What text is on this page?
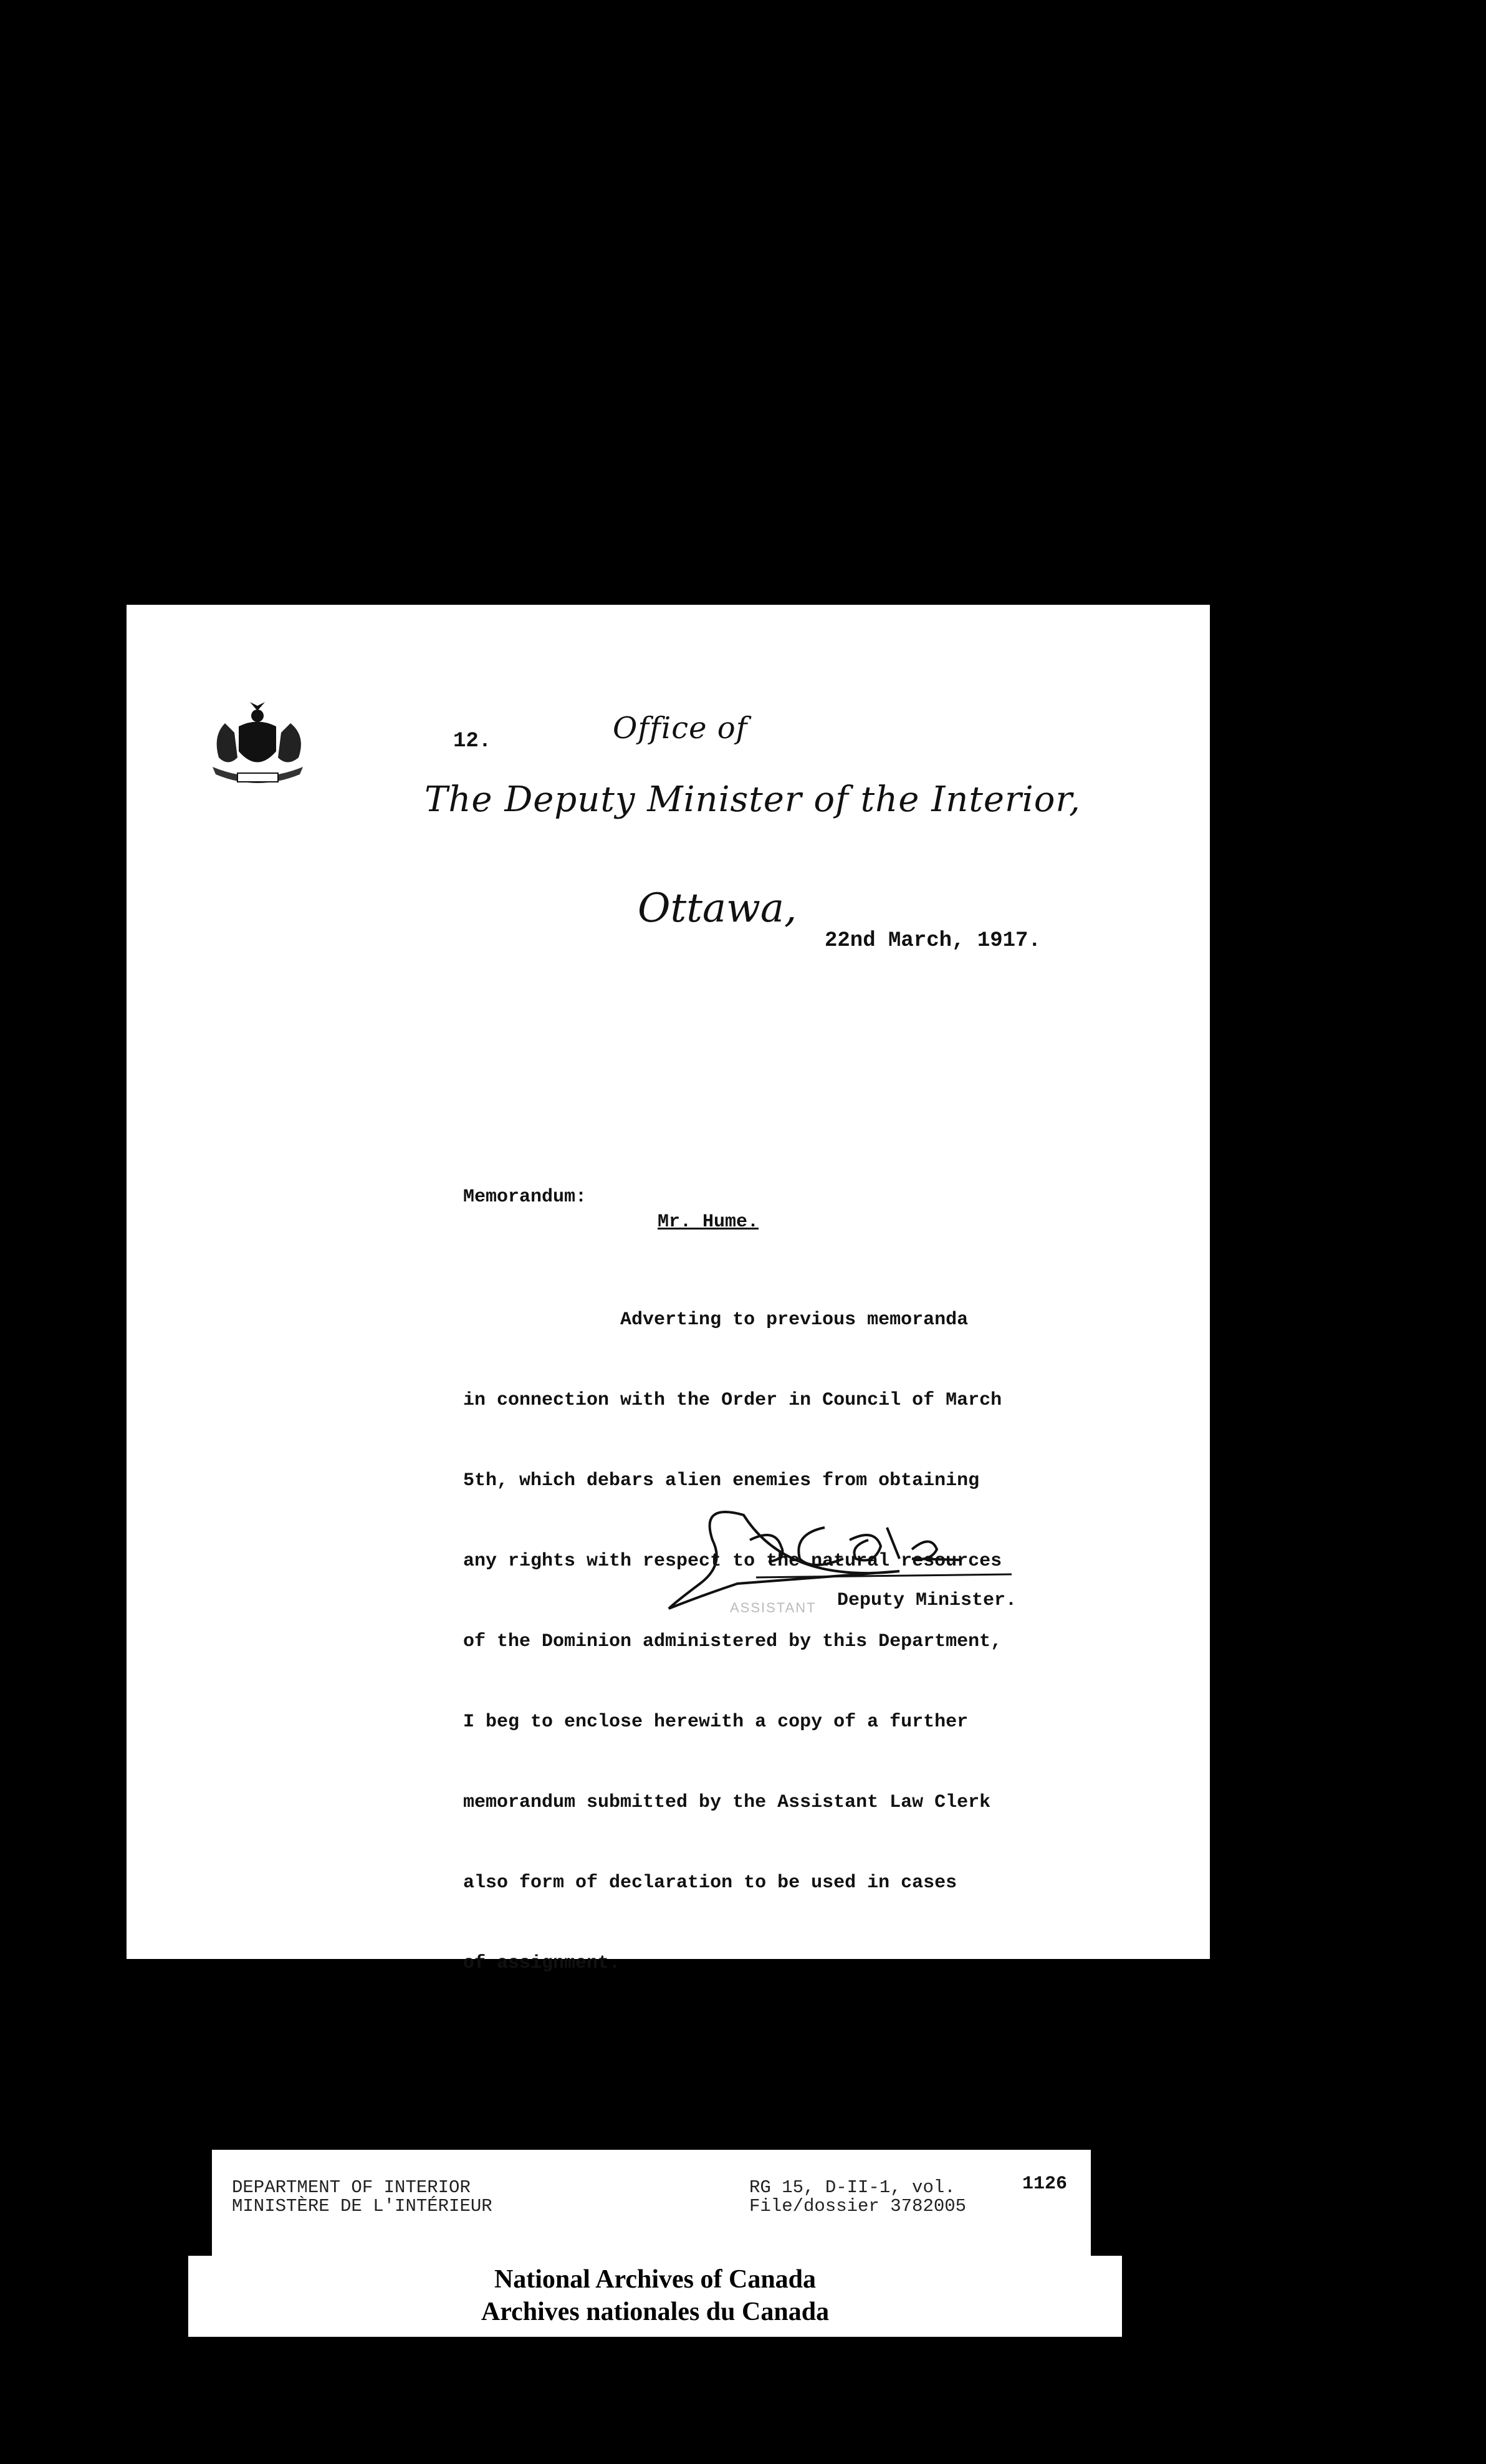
12.	Office of
The Deputy Minister of the Interior,
Ottawa,
22nd March, 1917.
Memorandum:
Mr. Hume.

Adverting to previous memoranda

in connection with the Order in Council of March

5th, which debars alien enemies from obtaining

any rights with respect to the natural resources

of the Dominion administered by this Department,

I beg to enclose herewith a copy of a further

memorandum submitted by the Assistant Law Clerk

also form of declaration to be used in cases

of assignment.

ASSISTANT Deputy Minister.
DEPARTMENT OF INTERIOR
MINISTÈRE DE L'INTÉRIEUR
RG 15, D-II-1, vol.
File/dossier 3782005
1126
National Archives of Canada
Archives nationales du Canada
